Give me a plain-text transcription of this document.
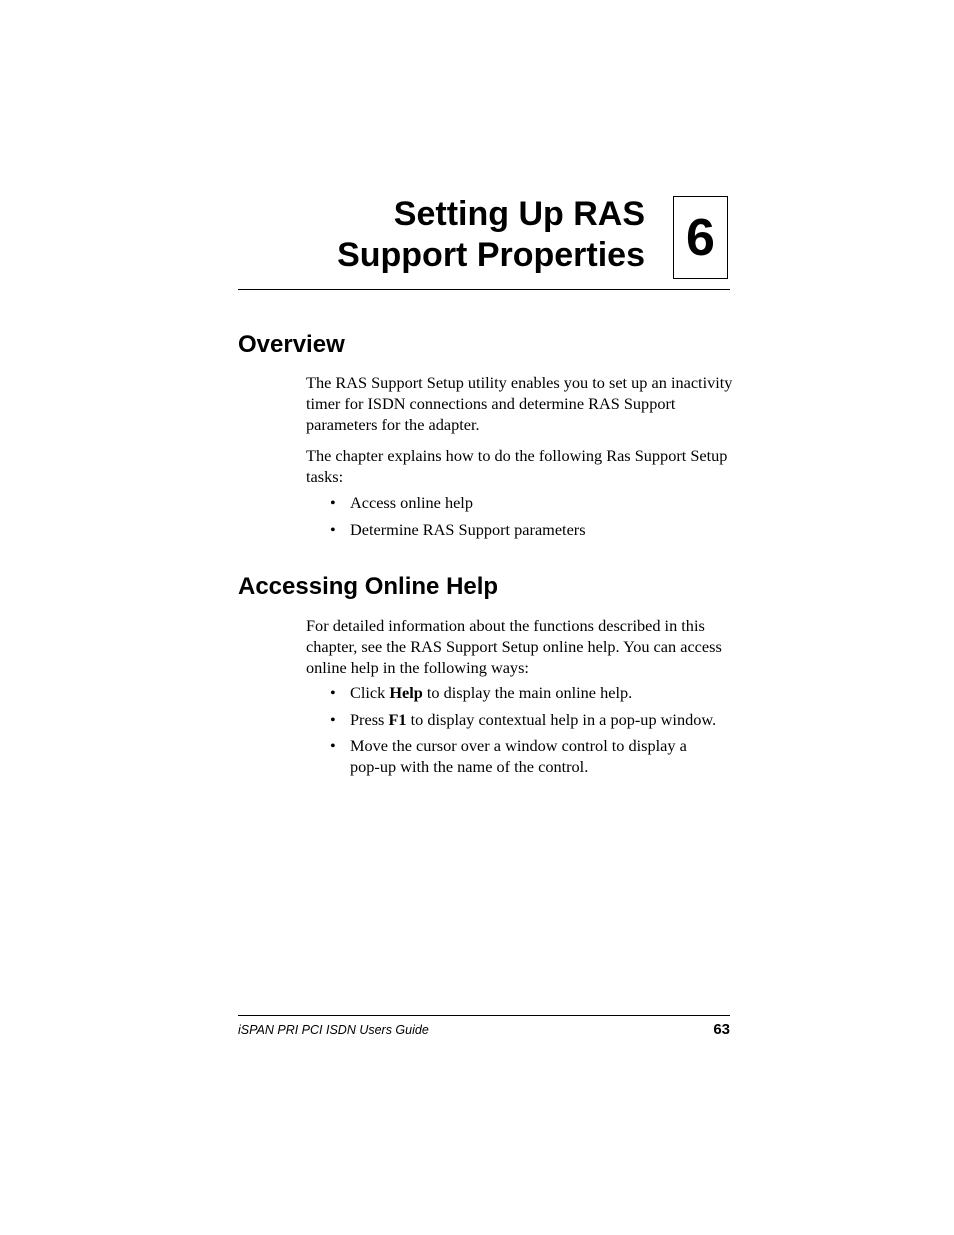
Setting Up RAS
Support Properties 6
Overview

The RAS Support Setup utility enables you to set up an inactivity timer for ISDN connections and determine RAS Support parameters for the adapter.

The chapter explains how to do the following Ras Support Setup tasks:

• Access online help
• Determine RAS Support parameters
Accessing Online Help

For detailed information about the functions described in this chapter, see the RAS Support Setup online help. You can access online help in the following ways:

• Click Help to display the main online help.
• Press F1 to display contextual help in a pop-up window.
• Move the cursor over a window control to display a pop-up with the name of the control.
iSPAN PRI PCI ISDN Users Guide	63
